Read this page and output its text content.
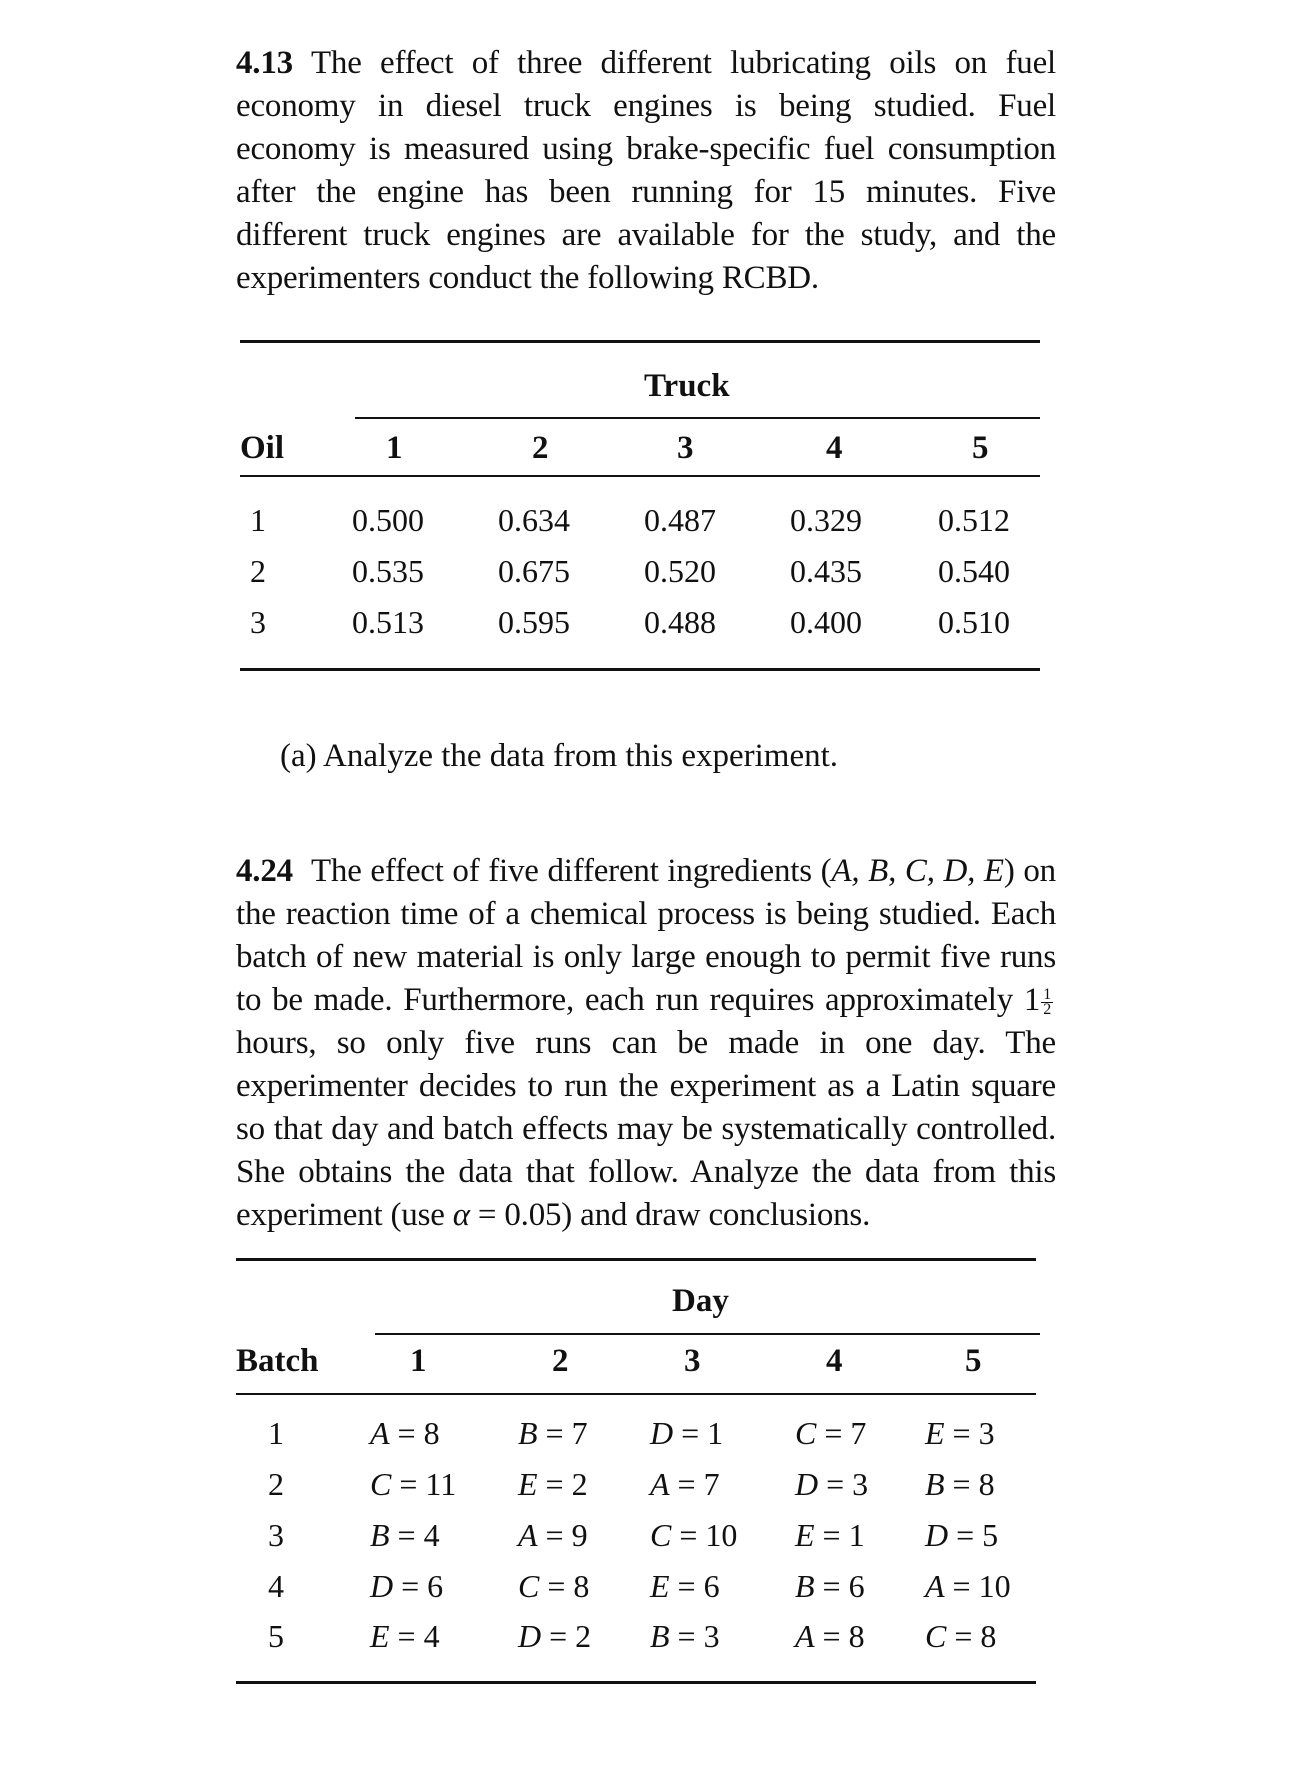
4.13 The effect of three different lubricating oils on fuel economy in diesel truck engines is being studied. Fuel economy is measured using brake-specific fuel consumption after the engine has been running for 15 minutes. Five different truck engines are available for the study, and the experimenters conduct the following RCBD.
Truck
Oil	1	2	3	4	5
1	0.500 0.634 0.487 0.329 0.512
2	0.535 0.675 0.520 0.435 0.540
3	0.513 0.595 0.488 0.400 0.510
(a) Analyze the data from this experiment.
4.24 The effect of five different ingredients (A, B, C, D, E) on the reaction time of a chemical process is being studied. Each batch of new material is only large enough to permit five runs to be made. Furthermore, each run requires approximately $1 \frac{1}{2}$
hours, so only five runs can be made in one day. The experimenter decides to run the experiment as a Latin square so that day and batch effects may be systematically controlled. She obtains the data that follow. Analyze the data from this experiment (use α = 0.05) and draw conclusions.
Day
Batch	1	2	3	4	5
1	A = 8 B = 7 D = 1 C = 7 E = 3
2	C = 11 E = 2 A = 7 D = 3 B = 8
3	B = 4 A = 9 C = 10 E = 1 D = 5
4	D = 6 C = 8 E = 6 B = 6 A = 10
5	E = 4 D = 2 B = 3 A = 8 C = 8
